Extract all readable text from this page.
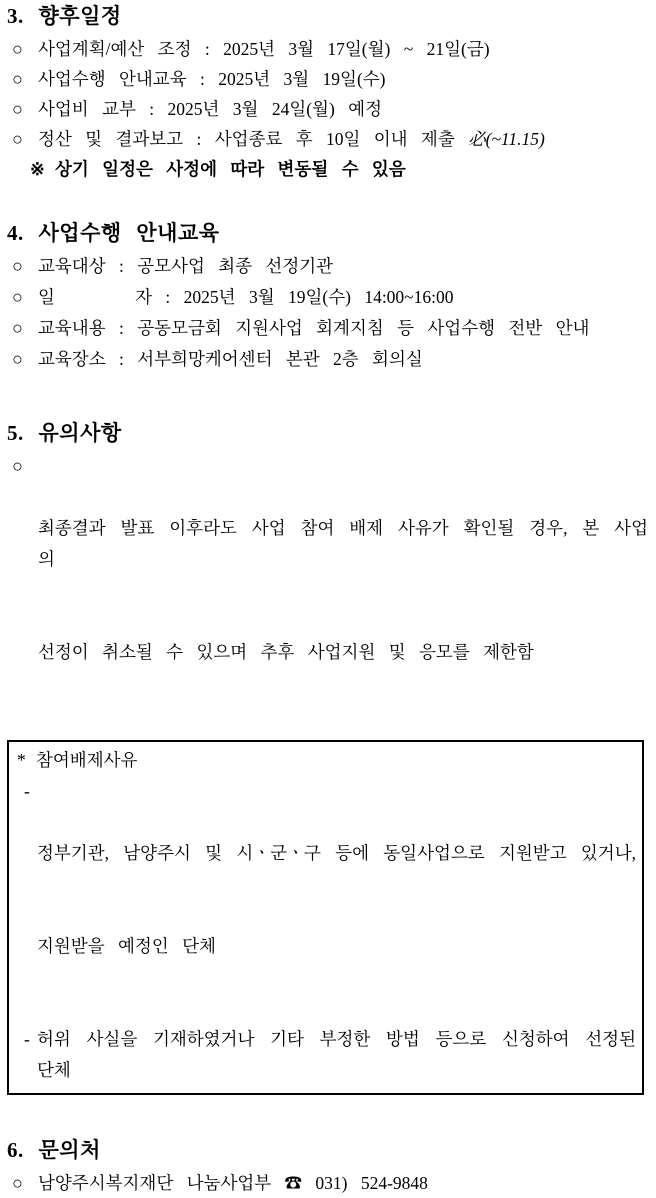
3. 향후일정
○ 사업계획/예산 조정 : 2025년 3월 17일(월) ~ 21일(금)
○ 사업수행 안내교육 : 2025년 3월 19일(수)
○ 사업비 교부 : 2025년 3월 24일(월) 예정
○ 정산 및 결과보고 : 사업종료 후 10일 이내 제출 必(~11.15)
※ 상기 일정은 사정에 따라 변동될 수 있음
4. 사업수행 안내교육
○ 교육대상 : 공모사업 최종 선정기관
○ 일      자 : 2025년 3월 19일(수) 14:00~16:00
○ 교육내용 : 공동모금회 지원사업 회계지침 등 사업수행 전반 안내
○ 교육장소 : 서부희망케어센터 본관 2층 회의실
5. 유의사항
○

최종결과 발표 이후라도 사업 참여 배제 사유가 확인될 경우, 본 사업의

선정이 취소될 수 있으며 추후 사업지원 및 응모를 제한함

* 참여배제사유
-

정부기관, 남양주시 및 시ㆍ군ㆍ구 등에 동일사업으로 지원받고 있거나,

지원받을 예정인 단체

- 허위 사실을 기재하였거나 기타 부정한 방법 등으로 신청하여 선정된 단체
6. 문의처
○ 남양주시복지재단 나눔사업부 ☎ 031) 524-9848
